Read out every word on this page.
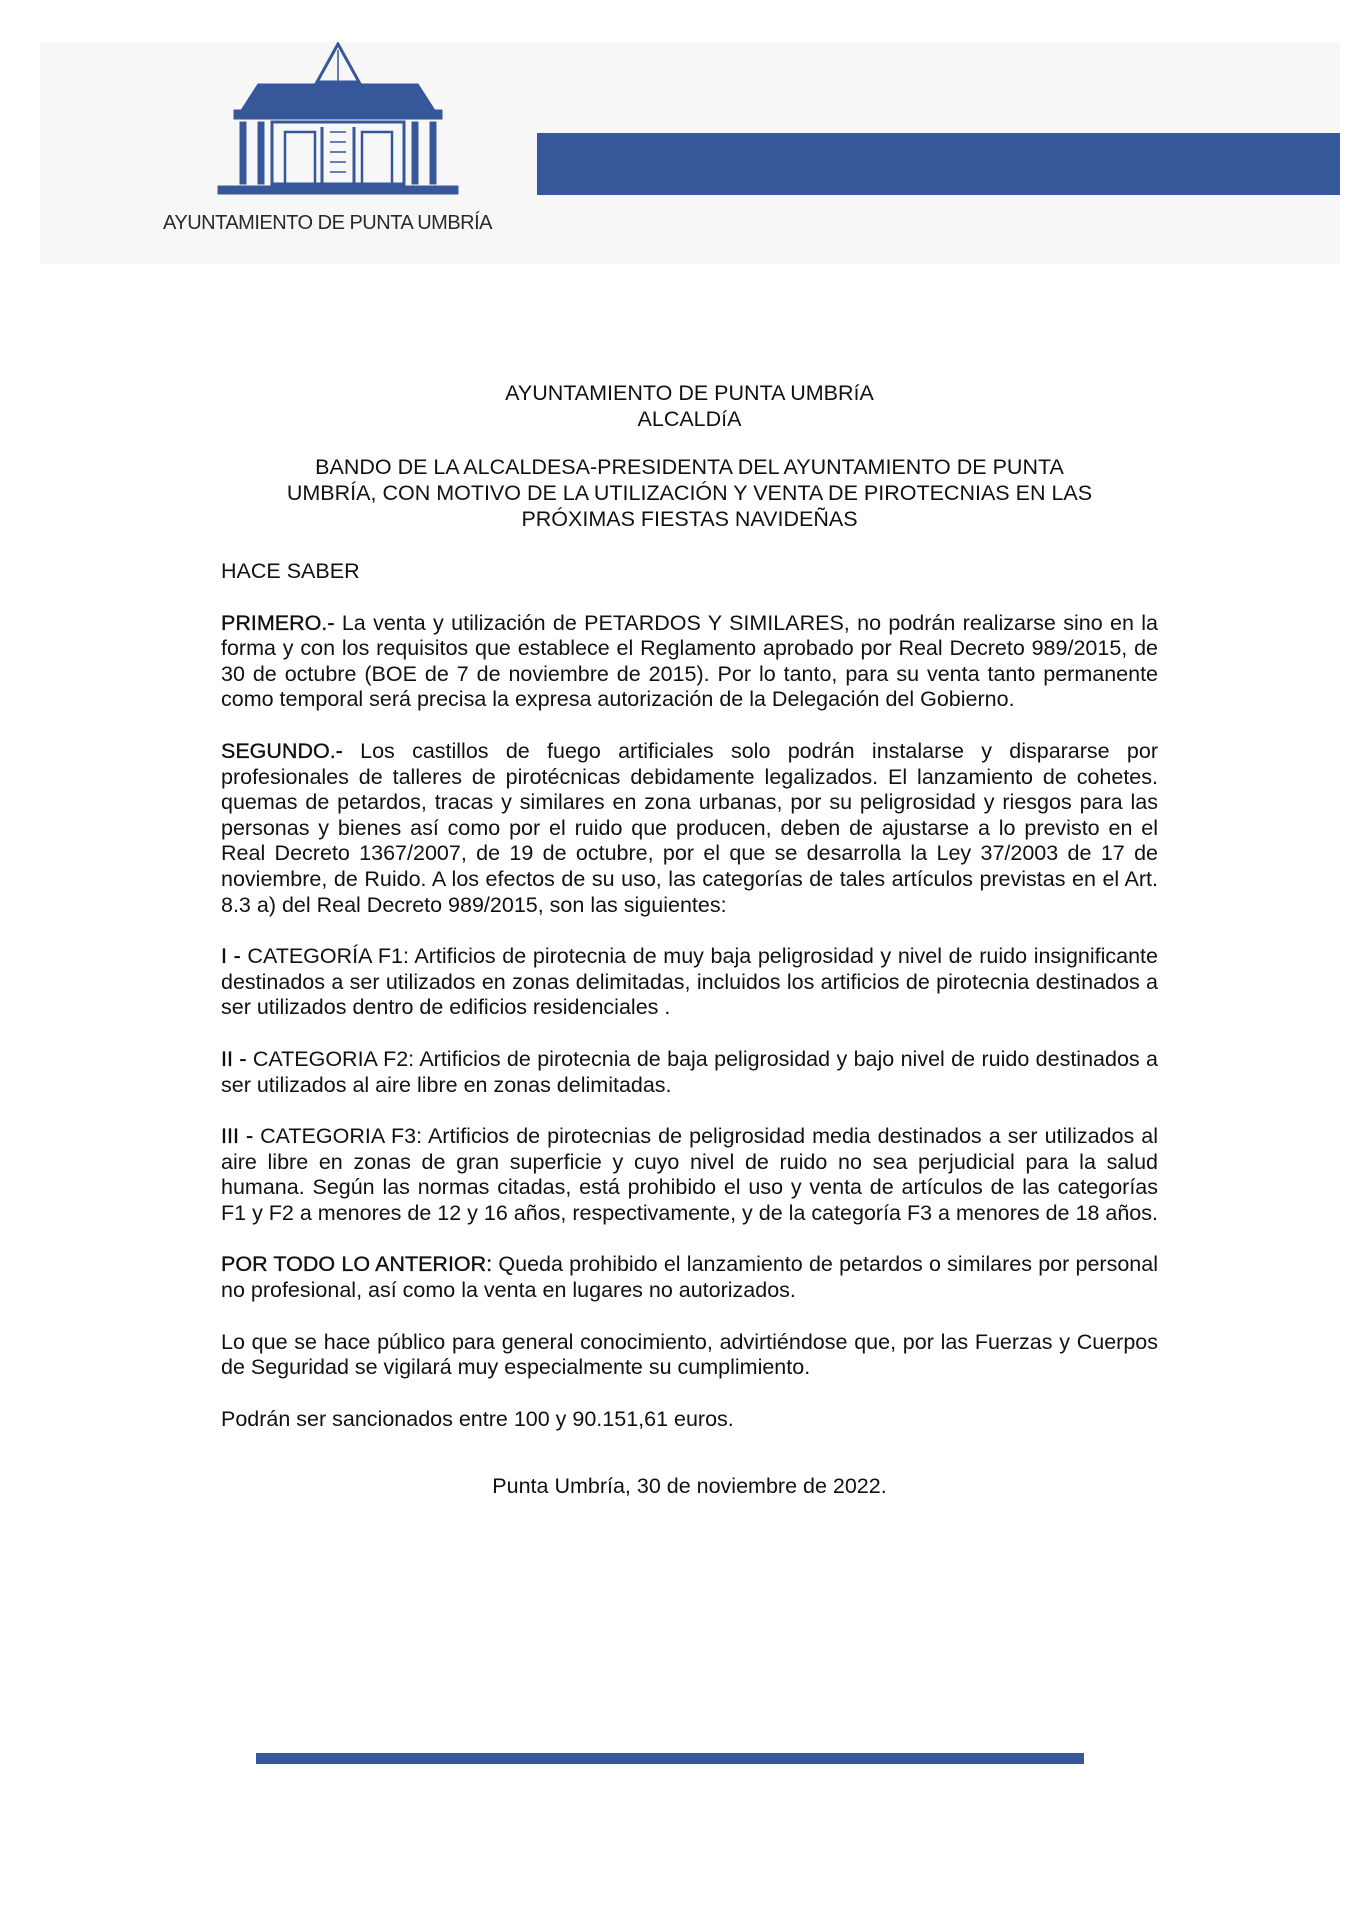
AYUNTAMIENTO DE PUNTA UMBRÍA
AYUNTAMIENTO DE PUNTA UMBRíA
ALCALDíA
BANDO DE LA ALCALDESA-PRESIDENTA DEL AYUNTAMIENTO DE PUNTA
UMBRÍA, CON MOTIVO DE LA UTILIZACIÓN Y VENTA DE PIROTECNIAS EN LAS
PRÓXIMAS FIESTAS NAVIDEÑAS
HACE SABER

PRIMERO.- La venta y utilización de PETARDOS Y SIMILARES, no podrán realizarse sino en la forma y con los requisitos que establece el Reglamento aprobado por Real Decreto 989/2015, de 30 de octubre (BOE de 7 de noviembre de 2015). Por lo tanto, para su venta tanto permanente como temporal será precisa la expresa autorización de la Delegación del Gobierno.

SEGUNDO.- Los castillos de fuego artificiales solo podrán instalarse y dispararse por profesionales de talleres de pirotécnicas debidamente legalizados. El lanzamiento de cohetes. quemas de petardos, tracas y similares en zona urbanas, por su peligrosidad y riesgos para las personas y bienes así como por el ruido que producen, deben de ajustarse a lo previsto en el Real Decreto 1367/2007, de 19 de octubre, por el que se desarrolla la Ley 37/2003 de 17 de noviembre, de Ruido. A los efectos de su uso, las categorías de tales artículos previstas en el Art. 8.3 a) del Real Decreto 989/2015, son las siguientes:

I - CATEGORÍA F1: Artificios de pirotecnia de muy baja peligrosidad y nivel de ruido insignificante destinados a ser utilizados en zonas delimitadas, incluidos los artificios de pirotecnia destinados a ser utilizados dentro de edificios residenciales .

II - CATEGORIA F2: Artificios de pirotecnia de baja peligrosidad y bajo nivel de ruido destinados a ser utilizados al aire libre en zonas delimitadas.

III - CATEGORIA F3: Artificios de pirotecnias de peligrosidad media destinados a ser utilizados al aire libre en zonas de gran superficie y cuyo nivel de ruido no sea perjudicial para la salud humana. Según las normas citadas, está prohibido el uso y venta de artículos de las categorías F1 y F2 a menores de 12 y 16 años, respectivamente, y de la categoría F3 a menores de 18 años.

POR TODO LO ANTERIOR: Queda prohibido el lanzamiento de petardos o similares por personal no profesional, así como la venta en lugares no autorizados.

Lo que se hace público para general conocimiento, advirtiéndose que, por las Fuerzas y Cuerpos de Seguridad se vigilará muy especialmente su cumplimiento.

Podrán ser sancionados entre 100 y 90.151,61 euros.

Punta Umbría, 30 de noviembre de 2022.
